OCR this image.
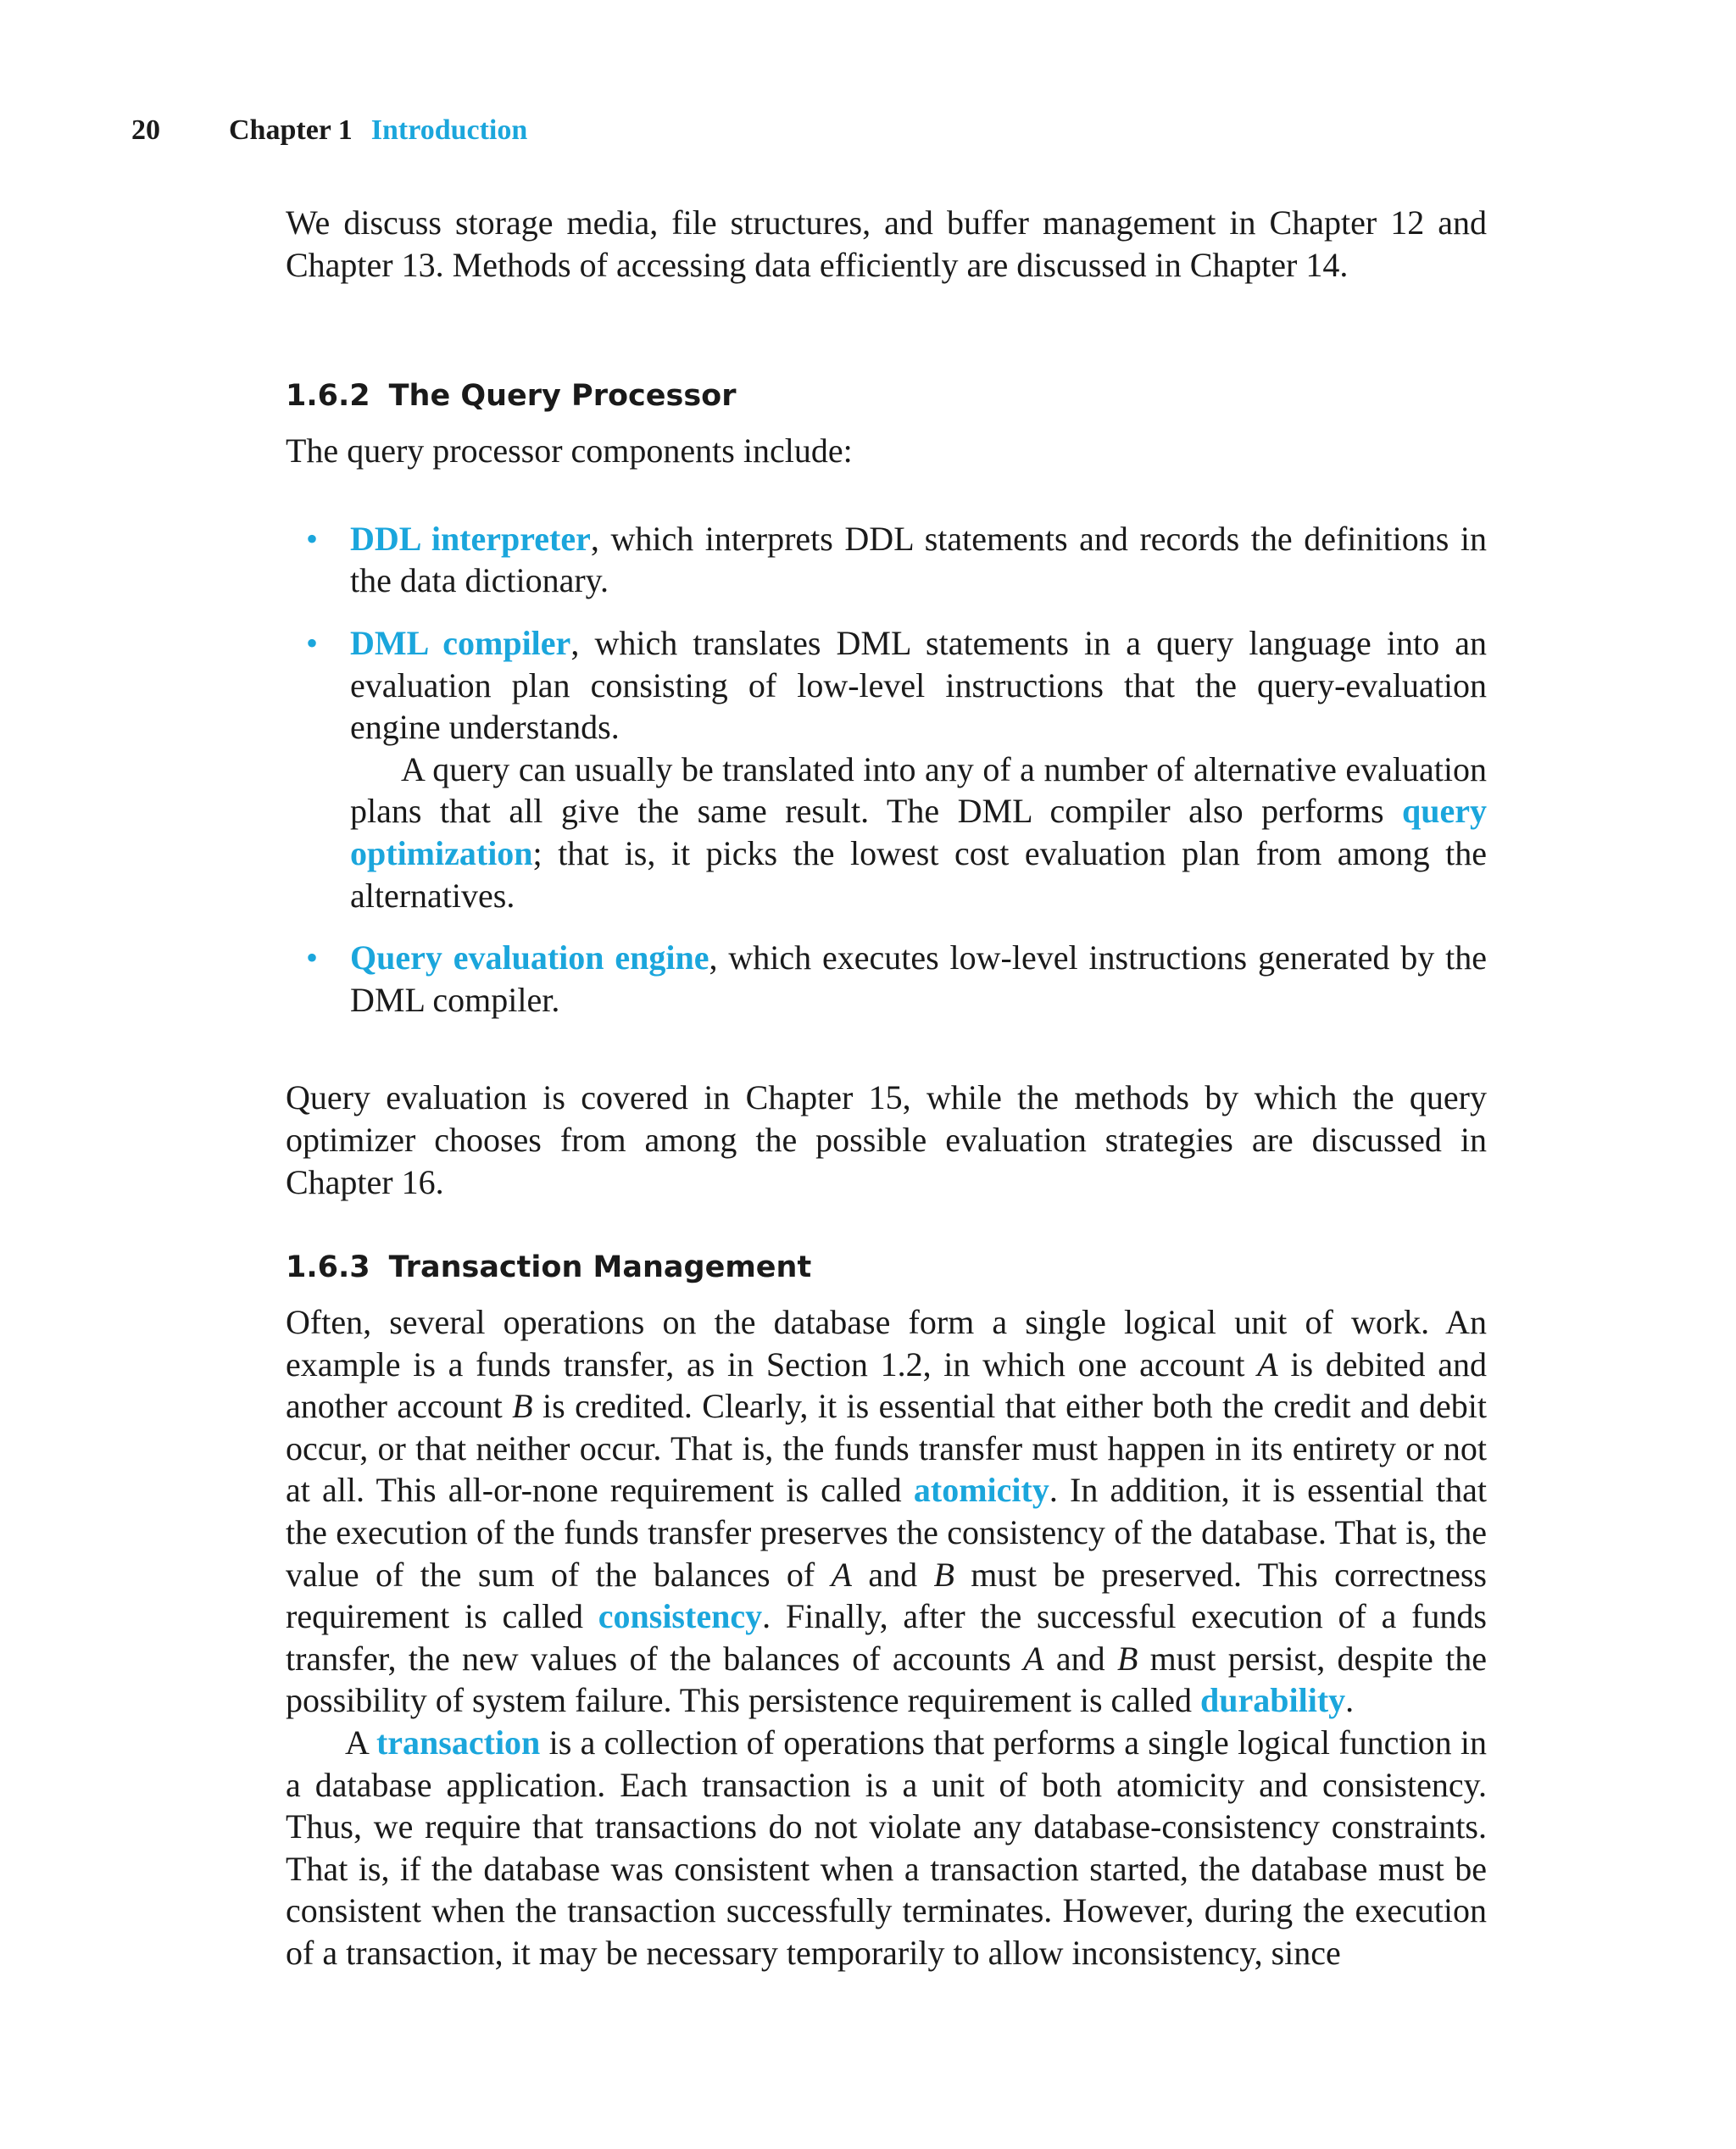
20 Chapter 1 Introduction

We discuss storage media, file structures, and buffer management in Chapter 12 and Chapter 13. Methods of accessing data efficiently are discussed in Chapter 14.

1.6.2 The Query Processor

The query processor components include:

• DDL interpreter, which interprets DDL statements and records the definitions in the data dictionary.

• DML compiler, which translates DML statements in a query language into an evaluation plan consisting of low-level instructions that the query-evaluation engine understands.

A query can usually be translated into any of a number of alternative evaluation plans that all give the same result. The DML compiler also performs query optimization; that is, it picks the lowest cost evaluation plan from among the alternatives.

• Query evaluation engine, which executes low-level instructions generated by the DML compiler.

Query evaluation is covered in Chapter 15, while the methods by which the query optimizer chooses from among the possible evaluation strategies are discussed in Chapter 16.

1.6.3 Transaction Management

Often, several operations on the database form a single logical unit of work. An example is a funds transfer, as in Section 1.2, in which one account A is debited and another account B is credited. Clearly, it is essential that either both the credit and debit occur, or that neither occur. That is, the funds transfer must happen in its entirety or not at all. This all-or-none requirement is called atomicity. In addition, it is essential that the execution of the funds transfer preserves the consistency of the database. That is, the value of the sum of the balances of A and B must be preserved. This correctness requirement is called consistency. Finally, after the successful execution of a funds transfer, the new values of the balances of accounts A and B must persist, despite the possibility of system failure. This persistence requirement is called durability.

A transaction is a collection of operations that performs a single logical function in a database application. Each transaction is a unit of both atomicity and consistency. Thus, we require that transactions do not violate any database-consistency constraints. That is, if the database was consistent when a transaction started, the database must be consistent when the transaction successfully terminates. However, during the execution of a transaction, it may be necessary temporarily to allow inconsistency, since
